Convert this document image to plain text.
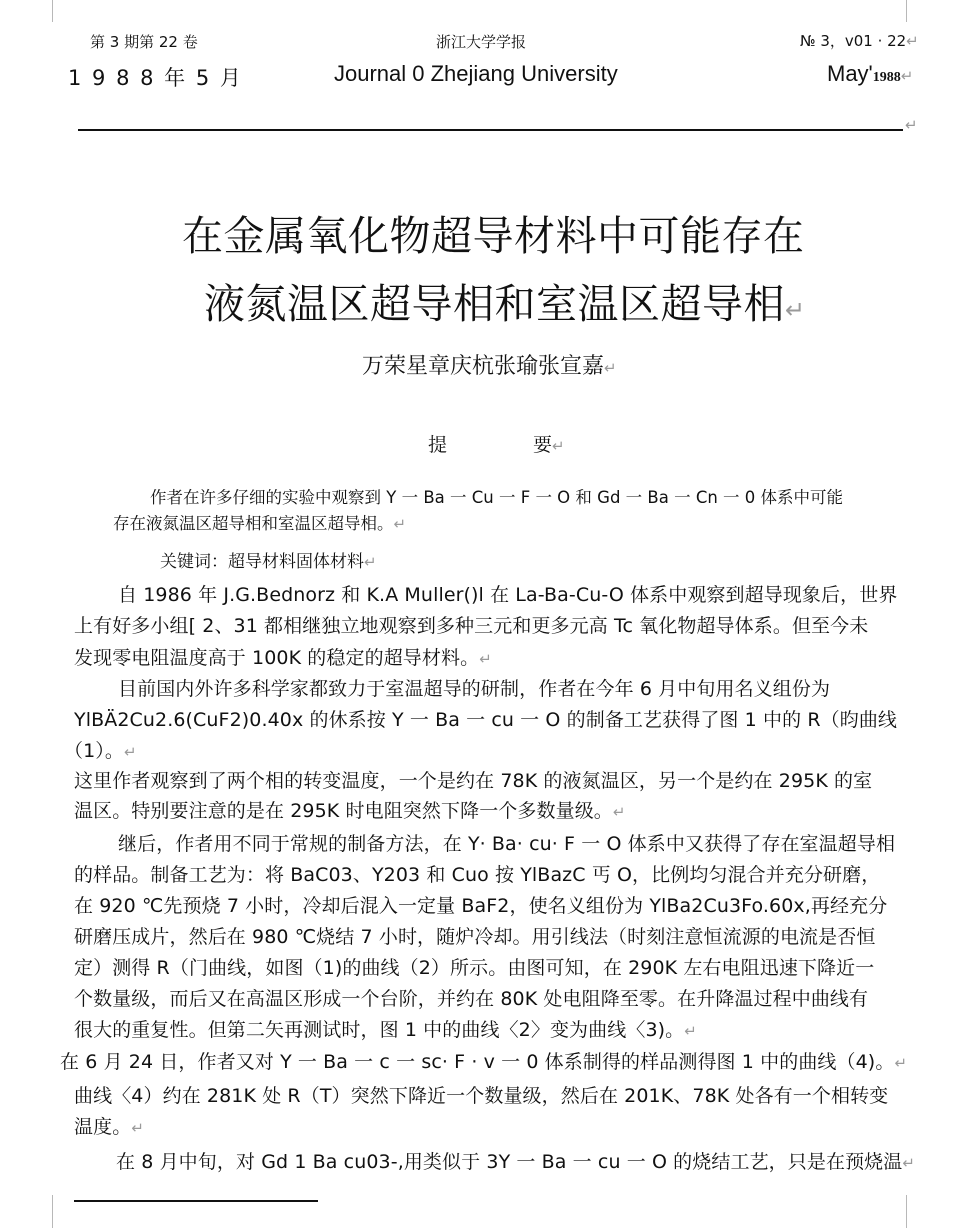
第 3 期第 22 卷	浙江大学学报	№ 3，v01 · 22↵
1 9 8 8 年 5 月	Journal 0 Zhejiang University	May'1988↵
↵
在金属氧化物超导材料中可能存在
液氮温区超导相和室温区超导相↵
万荣星章庆杭张瑜张宣嘉↵
提	要↵
作者在许多仔细的实验中观察到 Y 一 Ba 一 Cu 一 F 一 O 和 Gd 一 Ba 一 Cn 一 0 体系中可能
存在液氮温区超导相和室温区超导相。↵
关键词：超导材料固体材料↵
自 1986 年 J.G.Bednorz 和 K.A Muller()l 在 La-Ba-Cu-O 体系中观察到超导现象后，世界
上有好多小组[ 2、31 都相继独立地观察到多种三元和更多元高 Tc 氧化物超导体系。但至今未
发现零电阻温度高于 100K 的稳定的超导材料。↵
目前国内外许多科学家都致力于室温超导的研制，作者在今年 6 月中旬用名义组份为
YlBÄ2Cu2.6(CuF2)0.40x 的休系按 Y 一 Ba 一 cu 一 O 的制备工艺获得了图 1 中的 R（昀曲线
（1）。↵
这里作者观察到了两个相的转变温度，一个是约在 78K 的液氮温区，另一个是约在 295K 的室
温区。特别要注意的是在 295K 时电阻突然下降一个多数量级。↵
继后，作者用不同于常规的制备方法，在 Y· Ba· cu· F 一 O 体系中又获得了存在室温超导相
的样品。制备工艺为：将 BaC03、Y203 和 Cuo 按 YlBazC 丐 O，比例均匀混合并充分研磨，
在 920 ℃先预烧 7 小时，冷却后混入一定量 BaF2，使名义组份为 YlBa2Cu3Fo.60x,再经充分
研磨压成片，然后在 980 ℃烧结 7 小时，随炉冷却。用引线法（时刻注意恒流源的电流是否恒
定）测得 R（门曲线，如图（1)的曲线（2）所示。由图可知，在 290K 左右电阻迅速下降近一
个数量级，而后又在高温区形成一个台阶，并约在 80K 处电阻降至零。在升降温过程中曲线有
很大的重复性。但第二矢再测试时，图 1 中的曲线〈2〉变为曲线〈3)。↵
在 6 月 24 日，作者又对 Y 一 Ba 一 c 一 sc· F · v 一 0 体系制得的样品测得图 1 中的曲线（4)。↵
曲线〈4）约在 281K 处 R（T）突然下降近一个数量级，然后在 201K、78K 处各有一个相转变
温度。↵
在 8 月中旬，对 Gd 1 Ba cu03-,用类似于 3Y 一 Ba 一 cu 一 O 的烧结工艺，只是在预烧温↵
